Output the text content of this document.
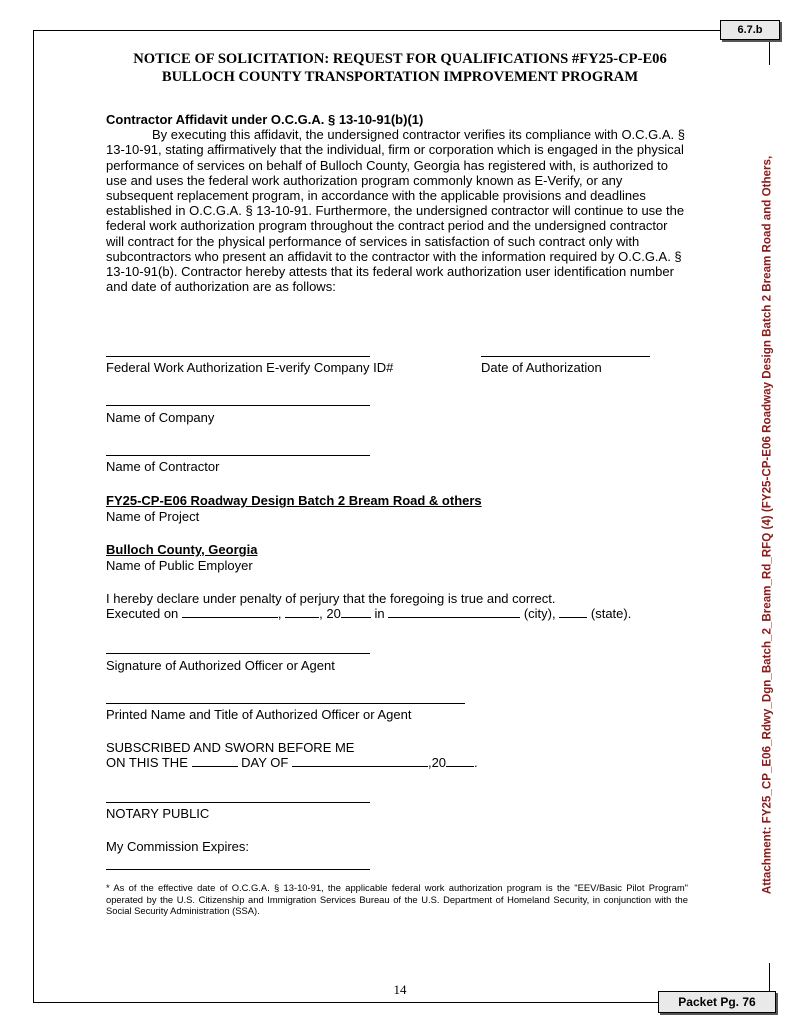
6.7.b
Packet Pg. 76
Attachment: FY25_CP_E06_Rdwy_Dgn_Batch_2_Bream_Rd_RFQ (4) (FY25-CP-E06 Roadway Design Batch 2 Bream Road and Others,
NOTICE OF SOLICITATION: REQUEST FOR QUALIFICATIONS #FY25-CP-E06
BULLOCH COUNTY TRANSPORTATION IMPROVEMENT PROGRAM
Contractor Affidavit under O.C.G.A. § 13-10-91(b)(1)
By executing this affidavit, the undersigned contractor verifies its compliance with O.C.G.A. § 13-10-91, stating affirmatively that the individual, firm or corporation which is engaged in the physical performance of services on behalf of Bulloch County, Georgia has registered with, is authorized to use and uses the federal work authorization program commonly known as E-Verify, or any subsequent replacement program, in accordance with the applicable provisions and deadlines established in O.C.G.A. § 13-10-91. Furthermore, the undersigned contractor will continue to use the federal work authorization program throughout the contract period and the undersigned contractor will contract for the physical performance of services in satisfaction of such contract only with subcontractors who present an affidavit to the contractor with the information required by O.C.G.A. § 13-10-91(b). Contractor hereby attests that its federal work authorization user identification number and date of authorization are as follows:
Federal Work Authorization E-verify Company ID#	Date of Authorization
Name of Company
Name of Contractor
FY25-CP-E06 Roadway Design Batch 2 Bream Road & others
Name of Project
Bulloch County, Georgia
Name of Public Employer
I hereby declare under penalty of perjury that the foregoing is true and correct.
Executed on	,	, 20	in	(city),	(state).
Signature of Authorized Officer or Agent
Printed Name and Title of Authorized Officer or Agent
SUBSCRIBED AND SWORN BEFORE ME
ON THIS THE	DAY OF	,20 .
NOTARY PUBLIC
My Commission Expires:
* As of the effective date of O.C.G.A. § 13-10-91, the applicable federal work authorization program is the "EEV/Basic Pilot Program" operated by the U.S. Citizenship and Immigration Services Bureau of the U.S. Department of Homeland Security, in conjunction with the Social Security Administration (SSA).
14
